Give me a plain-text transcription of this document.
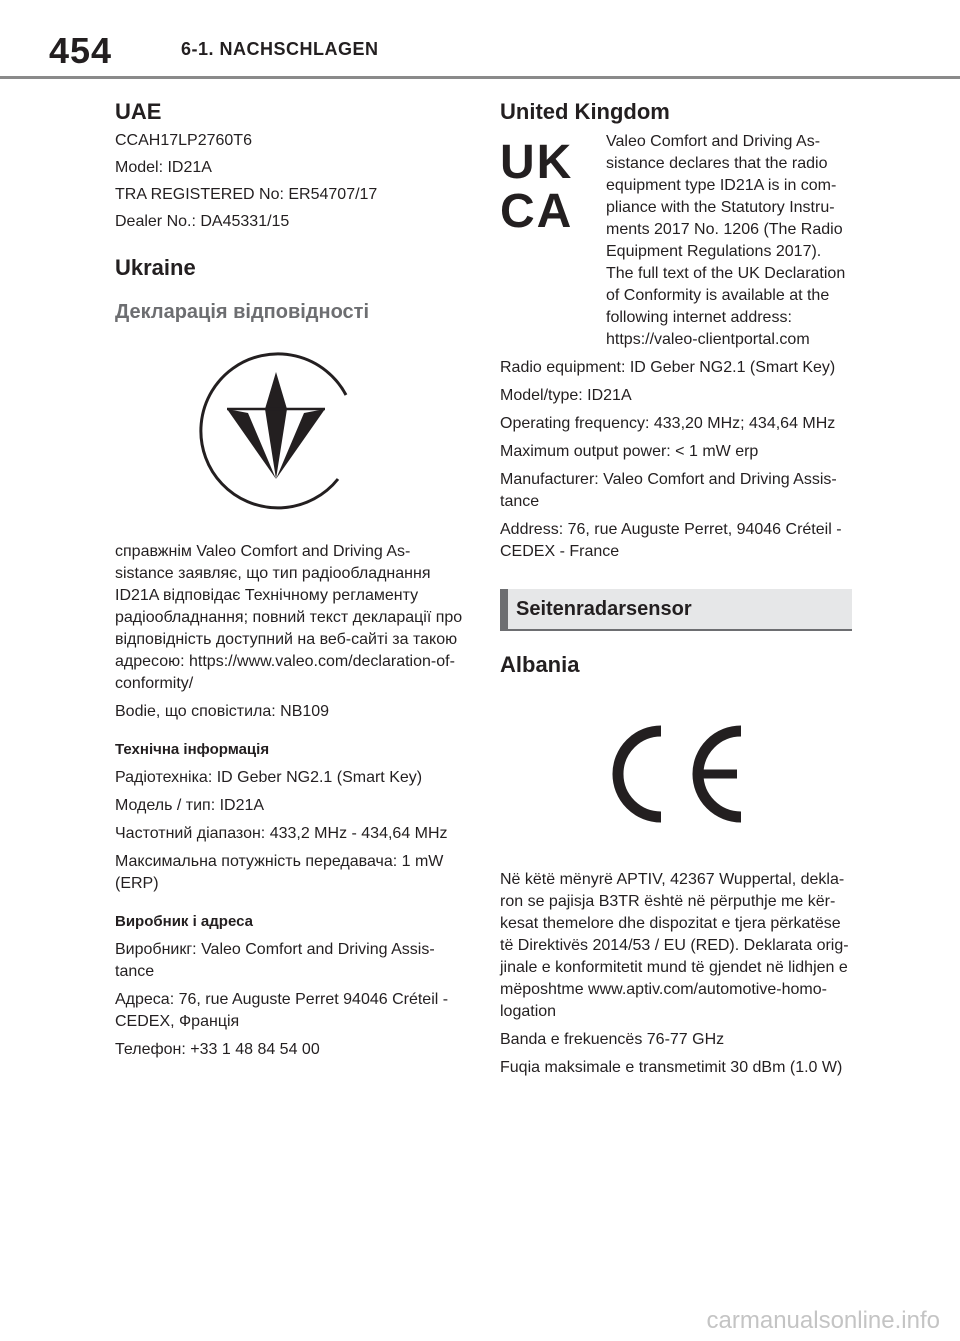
454	6-1. NACHSCHLAGEN
UAE

CCAH17LP2760T6

Model: ID21A

TRA REGISTERED No: ER54707/17

Dealer No.: DA45331/15

Ukraine
Декларація відповідності

справжнім Valeo Comfort and Driving As-sistance заявляє, що тип радіообладнання ID21A відповідає Технічному регламенту радіообладнання; повний текст декларації про відповідність доступний на веб-сайті за такою адресою: https://www.valeo.com/declaration-of-conformity/

Bodie, що сповістила: NB109

Технічна інформація

Радіотехніка: ID Geber NG2.1 (Smart Key)

Модель / тип: ID21A

Частотний діапазон: 433,2 MHz - 434,64 MHz

Максимальна потужність передавача: 1 mW (ERP)

Виробник і адреса

Виробникг: Valeo Comfort and Driving Assis-tance

Адреса: 76, rue Auguste Perret 94046 Créteil - CEDEX, Франція

Телефон: +33 1 48 84 54 00

United Kingdom
UK
CA

Valeo Comfort and Driving As-sistance declares that the radio equipment type ID21A is in com-pliance with the Statutory Instru-ments 2017 No. 1206 (The Radio Equipment Regulations 2017). The full text of the UK Declaration of Conformity is available at the following internet address: https://valeo-clientportal.com

Radio equipment: ID Geber NG2.1 (Smart Key)

Model/type: ID21A

Operating frequency: 433,20 MHz; 434,64 MHz

Maximum output power: < 1 mW erp

Manufacturer: Valeo Comfort and Driving Assis-tance

Address: 76, rue Auguste Perret, 94046 Créteil - CEDEX - France

Seitenradarsensor
Albania

Në këtë mënyrë APTIV, 42367 Wuppertal, dekla-ron se pajisja B3TR është në përputhje me kër-kesat themelore dhe dispozitat e tjera përkatëse të Direktivës 2014/53 / EU (RED). Deklarata orig-jinale e konformitetit mund të gjendet në lidhjen e mëposhtme www.aptiv.com/automotive-homo-logation

Banda e frekuencës 76-77 GHz

Fuqia maksimale e transmetimit 30 dBm (1.0 W)

carmanualsonline.info
